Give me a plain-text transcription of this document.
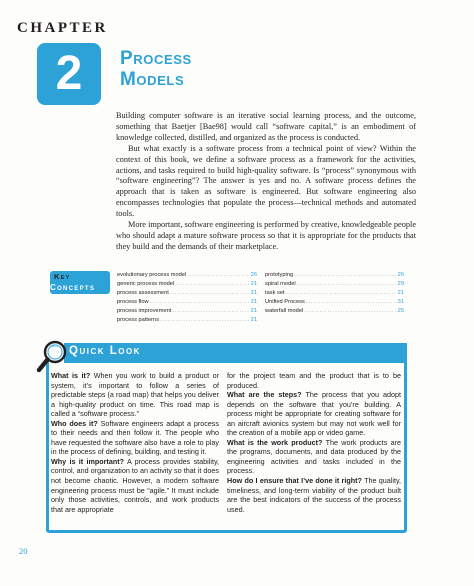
CHAPTER
2	Process
Models

Building computer software is an iterative social learning process, and the outcome, something that Baetjer [Bae98] would call “software capital,” is an embodiment of knowledge collected, distilled, and organized as the process is conducted.

But what exactly is a software process from a technical point of view? Within the context of this book, we define a software process as a framework for the activities, actions, and tasks required to build high-quality software. Is “process” synonymous with “software engineering”? The answer is yes and no. A software process defines the approach that is taken as software is engineered. But software engineering also encompasses technologies that populate the process—technical methods and automated tools.

More important, software engineering is performed by creative, knowledgeable people who should adapt a mature software process so that it is appropriate for the products that they build and the demands of their marketplace.

Key
Concepts
evolutionary process model .....	26
generic process model .....	21
process assessment .....	21
process flow .....	21
process improvement .....	21
process patterns .....	21
prototyping .....	26
spiral model .....	29
task set .....	21
Unified Process .....	31
waterfall model .....	25
Quick Look

What is it? When you work to build a product or system, it’s important to follow a series of predictable steps (a road map) that helps you deliver a high-quality product on time. This road map is called a “software process.”

Who does it? Software engineers adapt a process to their needs and then follow it. The people who have requested the software also have a role to play in the process of defining, building, and testing it.

Why is it important? A process provides stability, control, and organization to an activity so that it does not become chaotic. However, a modern software engineering process must be “agile.” It must include only those activities, controls, and work products that are appropriate

for the project team and the product that is to be produced.

What are the steps? The process that you adopt depends on the software that you’re building. A process might be appropriate for creating software for an aircraft avionics system but may not work well for the creation of a mobile app or video game.

What is the work product? The work products are the programs, documents, and data produced by the engineering activities and tasks included in the process.

How do I ensure that I’ve done it right? The quality, timeliness, and long-term viability of the product built are the best indicators of the success of the process used.

20
